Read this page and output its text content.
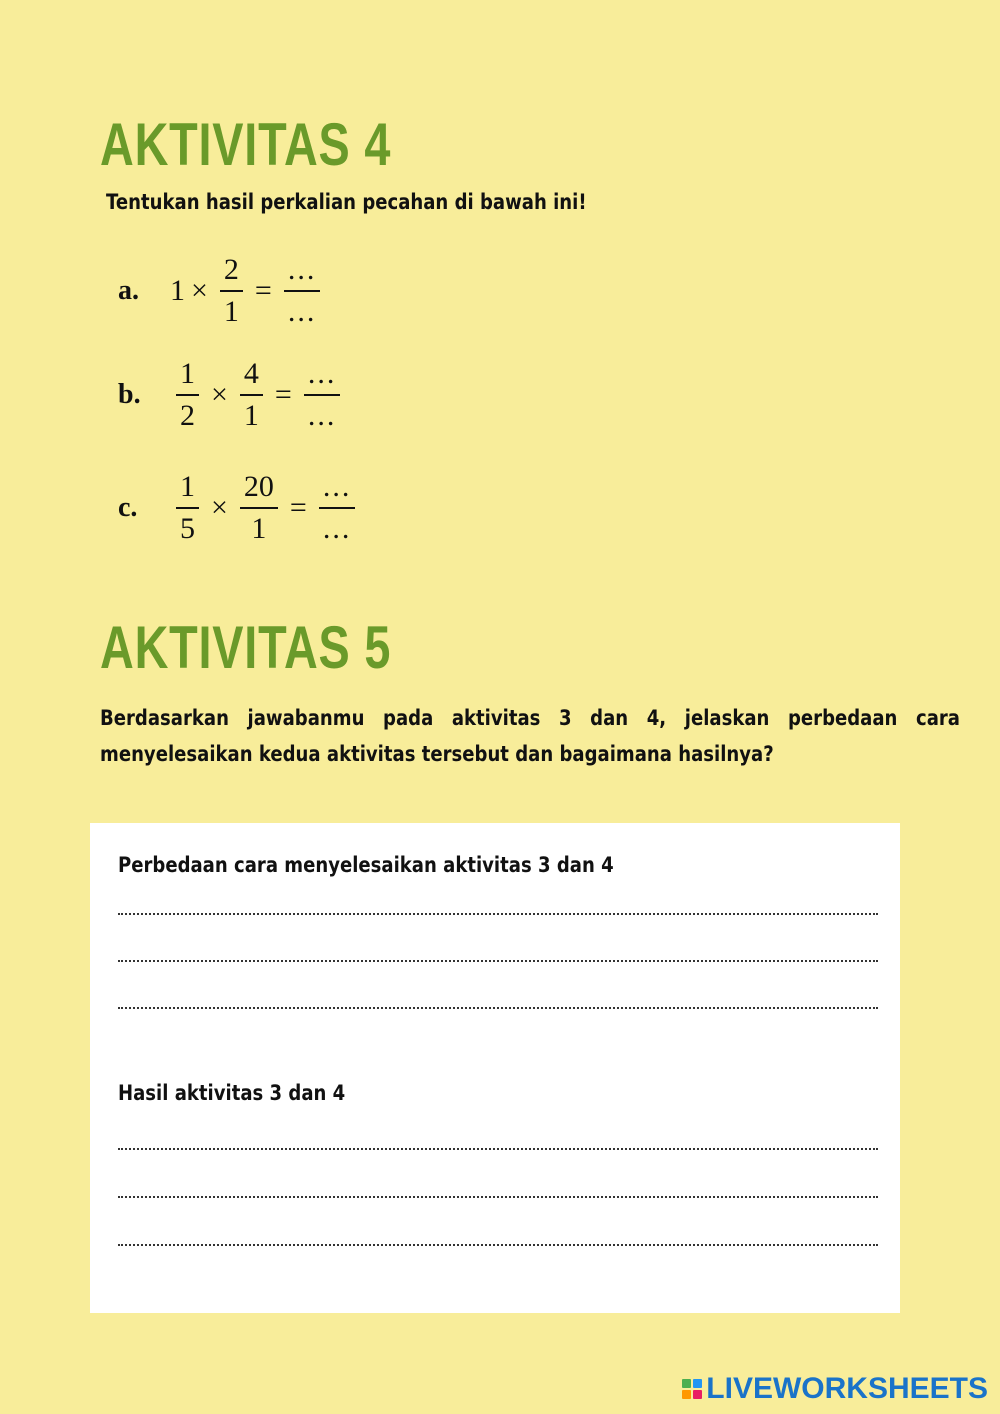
AKTIVITAS 4
Tentukan hasil perkalian pecahan di bawah ini!
a.	$1 \times \frac{2}{1} = \frac{...}{...}$
b.	$\frac{1}{2} \times \frac{4}{1} = \frac{...}{...}$
c.	$\frac{1}{5} \times \frac{20}{1} = \frac{...}{...}$
AKTIVITAS 5
Berdasarkan jawabanmu pada aktivitas 3 dan 4, jelaskan perbedaan cara menyelesaikan kedua aktivitas tersebut dan bagaimana hasilnya?
Perbedaan cara menyelesaikan aktivitas 3 dan 4
Hasil aktivitas 3 dan 4
LIVEWORKSHEETS
